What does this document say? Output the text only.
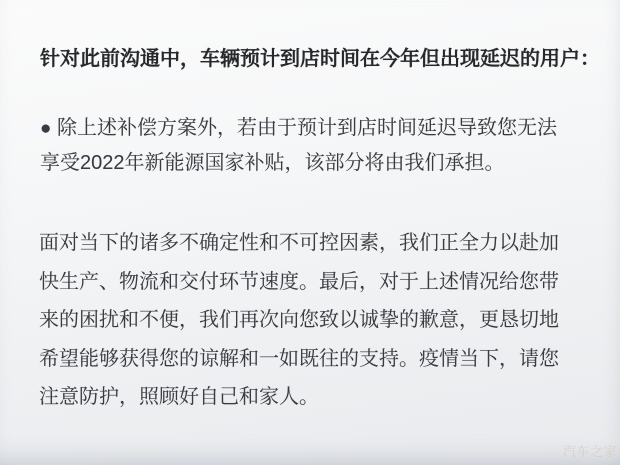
针对此前沟通中，车辆预计到店时间在今年但出现延迟的用户：
● 除上述补偿方案外，若由于预计到店时间延迟导致您无法
享受2022年新能源国家补贴，该部分将由我们承担。
面对当下的诸多不确定性和不可控因素，我们正全力以赴加
快生产、物流和交付环节速度。最后，对于上述情况给您带
来的困扰和不便，我们再次向您致以诚挚的歉意，更恳切地
希望能够获得您的谅解和一如既往的支持。疫情当下，请您
注意防护，照顾好自己和家人。
汽车之家
